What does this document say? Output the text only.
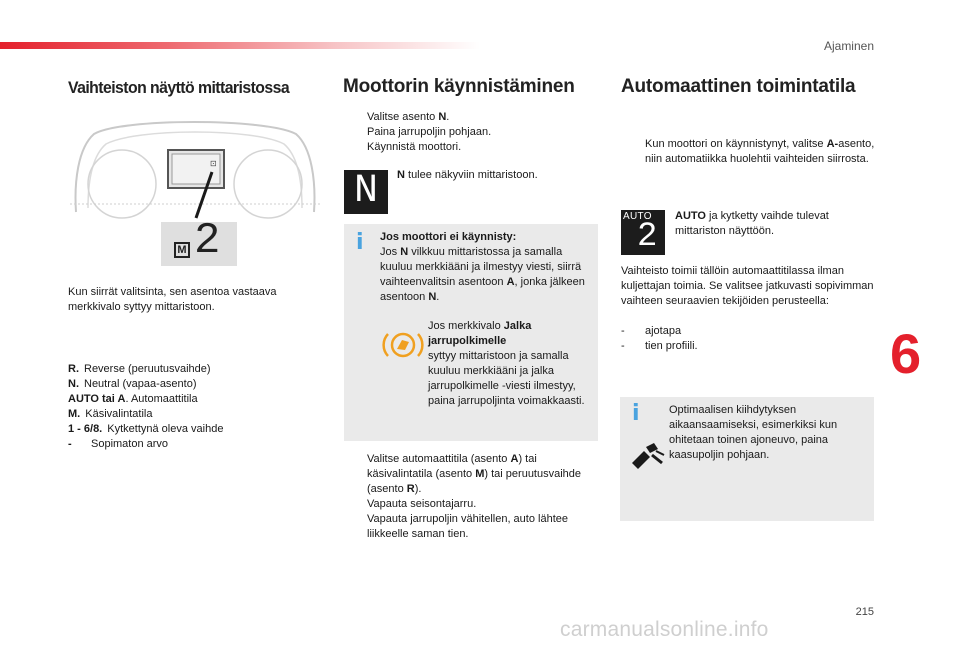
Ajaminen
6
215
carmanualsonline.info
Vaihteiston näyttö mittaristossa
⊡
M 2
Kun siirrät valitsinta, sen asentoa vastaava merkkivalo syttyy mittaristoon.
R. Reverse (peruutusvaihde)
N. Neutral (vapaa-asento)
AUTO tai A . Automaattitila
M. Käsivalintatila
1 - 6/8. Kytkettynä oleva vaihde
-	Sopimaton arvo
Moottorin käynnistäminen
Valitse asento N.
Paina jarrupoljin pohjaan.
Käynnistä moottori.
N	N tulee näkyviin mittaristoon.
i Jos moottori ei käynnisty:
Jos N vilkkuu mittaristossa ja samalla kuuluu merkkiääni ja ilmestyy viesti, siirrä vaihteenvalitsin asentoon A, jonka jälkeen asentoon N.
Jos merkkivalo Jalka jarrupolkimelle
syttyy mittaristoon ja samalla kuuluu merkkiääni ja jalka jarrupolkimelle -viesti ilmestyy, paina jarrupoljinta voimakkaasti.
Valitse automaattitila (asento A) tai käsivalintatila (asento M) tai peruutusvaihde (asento R).
Vapauta seisontajarru.
Vapauta jarrupoljin vähitellen, auto lähtee liikkeelle saman tien.
Automaattinen toimintatila
Kun moottori on käynnistynyt, valitse A-asento, niin automatiikka huolehtii vaihteiden siirrosta.
AUTO
2
AUTO ja kytketty vaihde tulevat mittariston näyttöön.
Vaihteisto toimii tällöin automaattitilassa ilman kuljettajan toimia. Se valitsee jatkuvasti sopivimman vaihteen seuraavien tekijöiden perusteella:
-	ajotapa
-	tien profiili.
i	Optimaalisen kiihdytyksen aikaansaamiseksi, esimerkiksi kun ohitetaan toinen ajoneuvo, paina kaasupoljin pohjaan.
